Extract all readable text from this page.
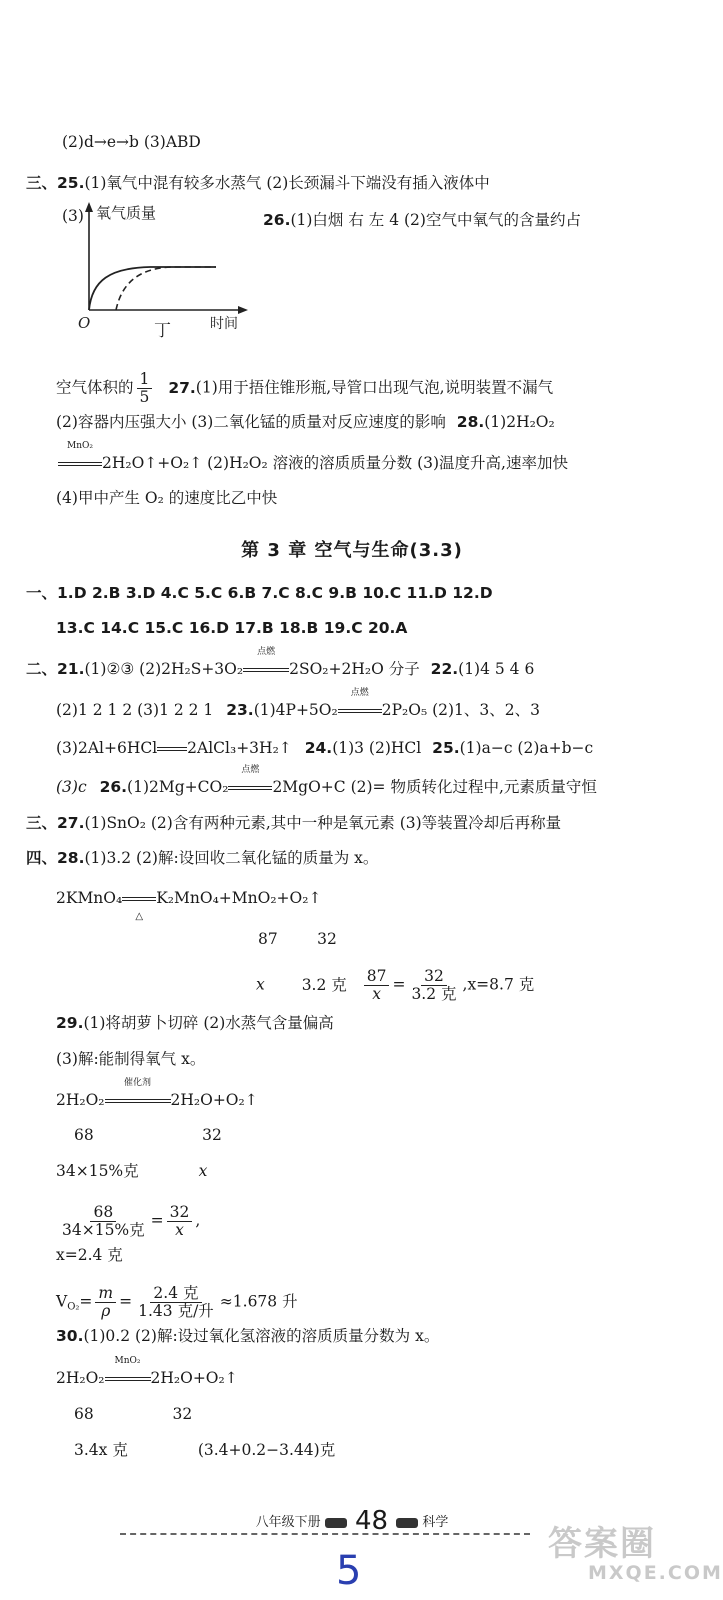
(2)d→e→b (3)ABD
三、25.(1)氧气中混有较多水蒸气 (2)长颈漏斗下端没有插入液体中
(3)	26.(1)白烟 右 左 4 (2)空气中氧气的含量约占
氧气质量
O	丁	时间
空气体积的 $\frac{1}{5} 27.(1)$用于捂住锥形瓶,导管口出现气泡,说明装置不漏气
(2)容器内压强大小 (3)二氧化锰的质量对反应速度的影响 28.(1)2H₂O₂
MnO₂
2H₂O↑+O₂↑ (2)H₂O₂ 溶液的溶质质量分数 (3)温度升高,速率加快
(4)甲中产生 O₂ 的速度比乙中快
第 3 章 空气与生命(3.3)
一、1.D 2.B 3.D 4.C 5.C 6.B 7.C 8.C 9.B 10.C 11.D 12.D
13.C 14.C 15.C 16.D 17.B 18.B 19.C 20.A
二、21.(1)②③ (2)2H₂S+3O₂
点燃
2SO₂+2H₂O 分子 22.(1)4 5 4 6
(2)1 2 1 2 (3)1 2 2 1 23.(1)4P+5O₂
点燃
2P₂O₅ (2)1、3、2、3
(3)2Al+6HCl 2AlCl₃+3H₂↑ 24.(1)3 (2)HCl 25.(1)a−c (2)a+b−c
(3)c 26.(1)2Mg+CO₂
点燃
2MgO+C (2)= 物质转化过程中,元素质量守恒
三、27.(1)SnO₂ (2)含有两种元素,其中一种是氧元素 (3)等装置冷却后再称量
四、28.(1)3.2 (2)解:设回收二氧化锰的质量为 x。
2KMnO₄
△
K₂MnO₄+MnO₂+O₂↑
87        32
x 3.2 克 $\frac{87}{x} = \frac{32}{\text{3.2 克}} ,x=8.7$ 克
29.(1)将胡萝卜切碎 (2)水蒸气含量偏高
(3)解:能制得氧气 x。
2H₂O₂
催化剂
2H₂O+O₂↑
68                      32
34×15%克	x
$\frac{68}{\text{34×15\%克}} = \frac{32}{x}$ ,
x=2.4 克
$V_{O_2}= \frac{m}{\rho} = \frac{\text{2.4 克}}{\text{1.43 克/升}} \approx 1.678$ 升
30.(1)0.2 (2)解:设过氧化氢溶液的溶质质量分数为 x。
2H₂O₂
MnO₂
2H₂O+O₂↑
68                32
3.4x 克	(3.4+0.2−3.44)克
八年级下册 48	科学
5
答案圈
MXQE.COM
